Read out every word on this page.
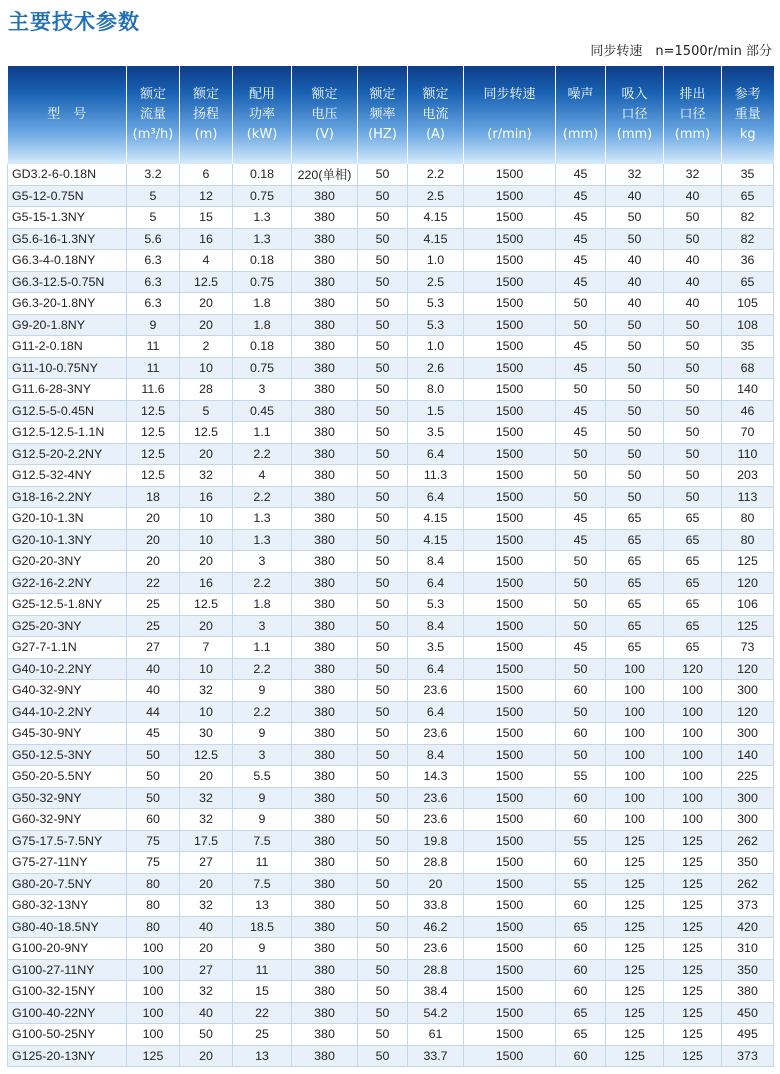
主要技术参数
同步转速　n=1500r/min 部分
型　号	额定
流量
(m³/h)	额定
扬程
(m)	配用
功率
(kW)	额定
电压
(V)	额定
频率
(HZ)	额定
电流
(A)	同步转速

(r/min)	噪声

(mm)	吸入
口径
(mm)	排出
口径
(mm)	参考
重量
kg

GD3.2-6-0.18N	3.2	6	0.18	220(单相)	50	2.2	1500	45	32	32	35
G5-12-0.75N	5	12	0.75	380	50	2.5	1500	45	40	40	65
G5-15-1.3NY	5	15	1.3	380	50	4.15	1500	45	50	50	82
G5.6-16-1.3NY	5.6	16	1.3	380	50	4.15	1500	45	50	50	82
G6.3-4-0.18NY	6.3	4	0.18	380	50	1.0	1500	45	40	40	36
G6.3-12.5-0.75N	6.3	12.5	0.75	380	50	2.5	1500	45	40	40	65
G6.3-20-1.8NY	6.3	20	1.8	380	50	5.3	1500	50	40	40	105
G9-20-1.8NY	9	20	1.8	380	50	5.3	1500	50	50	50	108
G11-2-0.18N	11	2	0.18	380	50	1.0	1500	45	50	50	35
G11-10-0.75NY	11	10	0.75	380	50	2.6	1500	45	50	50	68
G11.6-28-3NY	11.6	28	3	380	50	8.0	1500	50	50	50	140
G12.5-5-0.45N	12.5	5	0.45	380	50	1.5	1500	45	50	50	46
G12.5-12.5-1.1N	12.5	12.5	1.1	380	50	3.5	1500	45	50	50	70
G12.5-20-2.2NY	12.5	20	2.2	380	50	6.4	1500	50	50	50	110
G12.5-32-4NY	12.5	32	4	380	50	11.3	1500	50	50	50	203
G18-16-2.2NY	18	16	2.2	380	50	6.4	1500	50	50	50	113
G20-10-1.3N	20	10	1.3	380	50	4.15	1500	45	65	65	80
G20-10-1.3NY	20	10	1.3	380	50	4.15	1500	45	65	65	80
G20-20-3NY	20	20	3	380	50	8.4	1500	50	65	65	125
G22-16-2.2NY	22	16	2.2	380	50	6.4	1500	50	65	65	120
G25-12.5-1.8NY	25	12.5	1.8	380	50	5.3	1500	50	65	65	106
G25-20-3NY	25	20	3	380	50	8.4	1500	50	65	65	125
G27-7-1.1N	27	7	1.1	380	50	3.5	1500	45	65	65	73
G40-10-2.2NY	40	10	2.2	380	50	6.4	1500	50	100	120	120
G40-32-9NY	40	32	9	380	50	23.6	1500	60	100	100	300
G44-10-2.2NY	44	10	2.2	380	50	6.4	1500	50	100	100	120
G45-30-9NY	45	30	9	380	50	23.6	1500	60	100	100	300
G50-12.5-3NY	50	12.5	3	380	50	8.4	1500	50	100	100	140
G50-20-5.5NY	50	20	5.5	380	50	14.3	1500	55	100	100	225
G50-32-9NY	50	32	9	380	50	23.6	1500	60	100	100	300
G60-32-9NY	60	32	9	380	50	23.6	1500	60	100	100	300
G75-17.5-7.5NY	75	17.5	7.5	380	50	19.8	1500	55	125	125	262
G75-27-11NY	75	27	11	380	50	28.8	1500	60	125	125	350
G80-20-7.5NY	80	20	7.5	380	50	20	1500	55	125	125	262
G80-32-13NY	80	32	13	380	50	33.8	1500	60	125	125	373
G80-40-18.5NY	80	40	18.5	380	50	46.2	1500	65	125	125	420
G100-20-9NY	100	20	9	380	50	23.6	1500	60	125	125	310
G100-27-11NY	100	27	11	380	50	28.8	1500	60	125	125	350
G100-32-15NY	100	32	15	380	50	38.4	1500	60	125	125	380
G100-40-22NY	100	40	22	380	50	54.2	1500	65	125	125	450
G100-50-25NY	100	50	25	380	50	61	1500	65	125	125	495
G125-20-13NY	125	20	13	380	50	33.7	1500	60	125	125	373
